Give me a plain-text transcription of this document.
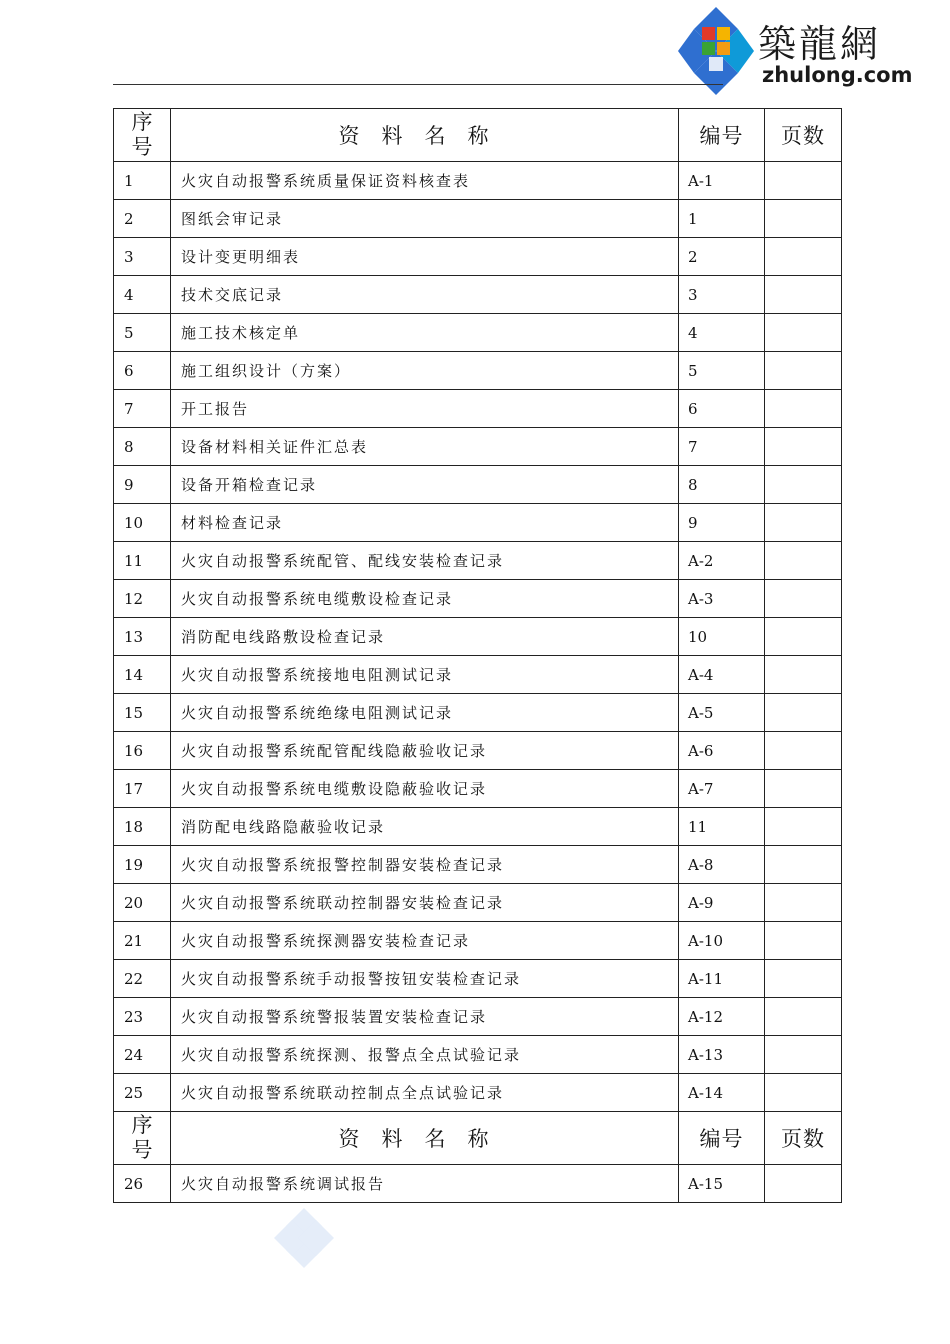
築龍網
zhulong.com
序
号	资料名称	编号	页数
1	火灾自动报警系统质量保证资料核查表	A-1	
2	图纸会审记录	1	
3	设计变更明细表	2	
4	技术交底记录	3	
5	施工技术核定单	4	
6	施工组织设计（方案）	5	
7	开工报告	6	
8	设备材料相关证件汇总表	7	
9	设备开箱检查记录	8	
10	材料检查记录	9	
11	火灾自动报警系统配管、配线安装检查记录	A-2	
12	火灾自动报警系统电缆敷设检查记录	A-3	
13	消防配电线路敷设检查记录	10	
14	火灾自动报警系统接地电阻测试记录	A-4	
15	火灾自动报警系统绝缘电阻测试记录	A-5	
16	火灾自动报警系统配管配线隐蔽验收记录	A-6	
17	火灾自动报警系统电缆敷设隐蔽验收记录	A-7	
18	消防配电线路隐蔽验收记录	11	
19	火灾自动报警系统报警控制器安装检查记录	A-8	
20	火灾自动报警系统联动控制器安装检查记录	A-9	
21	火灾自动报警系统探测器安装检查记录	A-10	
22	火灾自动报警系统手动报警按钮安装检查记录	A-11	
23	火灾自动报警系统警报装置安装检查记录	A-12	
24	火灾自动报警系统探测、报警点全点试验记录	A-13	
25	火灾自动报警系统联动控制点全点试验记录	A-14	

序
号	资料名称	编号	页数
26	火灾自动报警系统调试报告	A-15	
